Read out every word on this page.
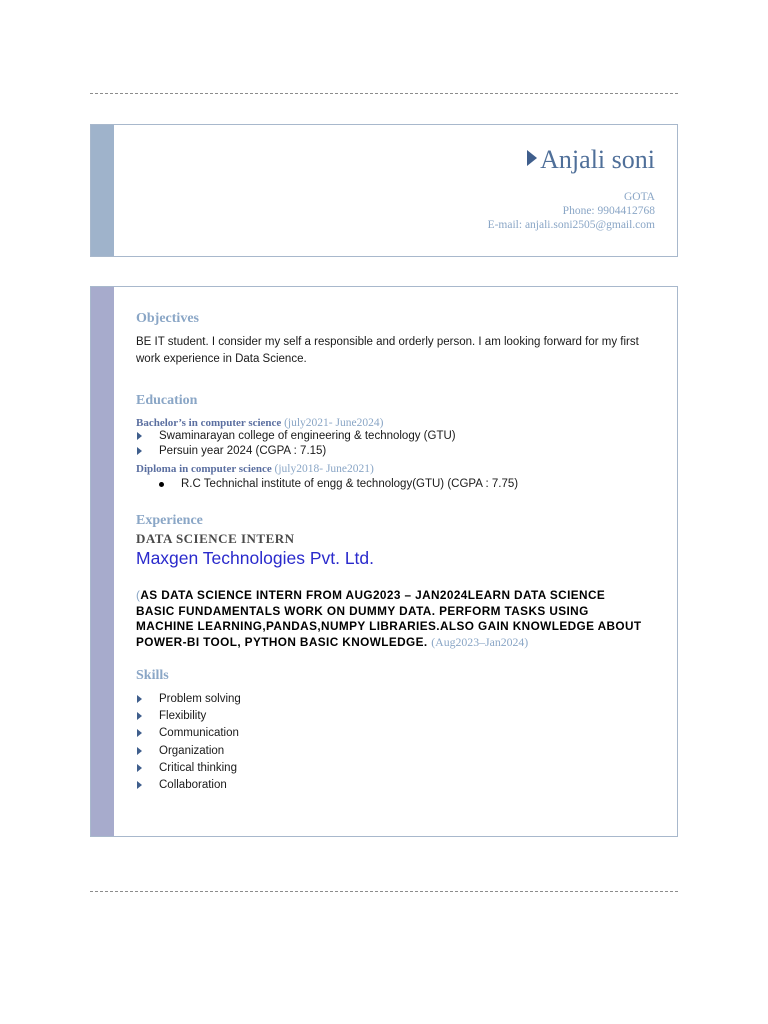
Anjali soni
GOTA
Phone: 9904412768
E-mail: anjali.soni2505@gmail.com
Objectives
BE IT student. I consider my self a responsible and orderly person. I am looking forward for my first
work experience in Data Science.
Education
Bachelor’s in computer science (july2021- June2024)
Swaminarayan college of engineering & technology (GTU)
Persuin year 2024 (CGPA : 7.15)
Diploma in computer science (july2018- June2021)
R.C Technichal institute of engg & technology(GTU) (CGPA : 7.75)
Experience
DATA SCIENCE INTERN
Maxgen Technologies Pvt. Ltd.
(AS DATA SCIENCE INTERN FROM AUG2023 – JAN2024LEARN DATA SCIENCE BASIC FUNDAMENTALS WORK ON DUMMY DATA. PERFORM TASKS USING MACHINE LEARNING,PANDAS,NUMPY LIBRARIES.ALSO GAIN KNOWLEDGE ABOUT POWER-BI TOOL, PYTHON BASIC KNOWLEDGE. (Aug2023–Jan2024)
Skills
Problem solving
Flexibility
Communication
Organization
Critical thinking
Collaboration
